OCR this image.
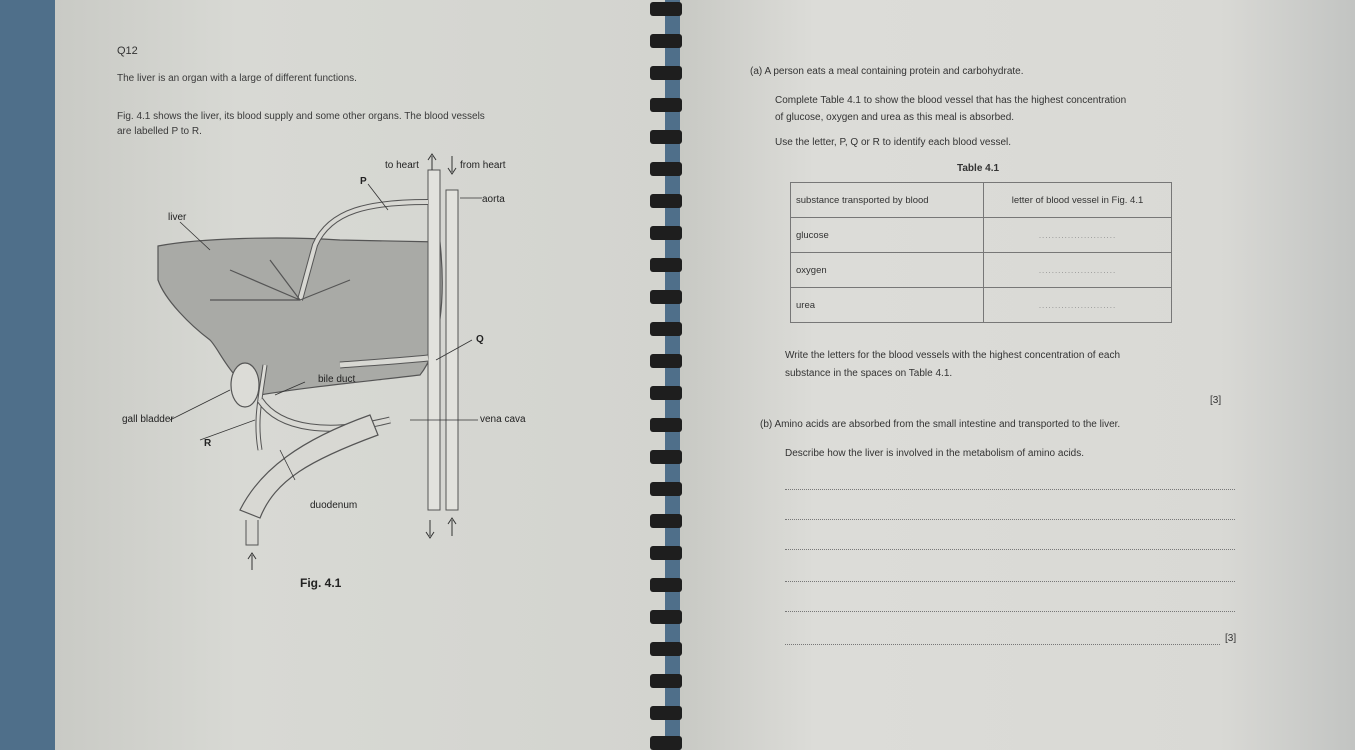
Q12
The liver is an organ with a large of different functions.
Fig. 4.1 shows the liver, its blood supply and some other organs. The blood vessels
are labelled P to R.
to heart	from heart
P
aorta
liver
Q
bile duct
gall bladder	vena cava
R
duodenum
Fig. 4.1
(a) A person eats a meal containing protein and carbohydrate.
Complete Table 4.1 to show the blood vessel that has the highest concentration
of glucose, oxygen and urea as this meal is absorbed.
Use the letter, P, Q or R to identify each blood vessel.
Table 4.1
substance transported by blood	letter of blood vessel in Fig. 4.1
glucose	........................

oxygen	........................

urea	........................
Write the letters for the blood vessels with the highest concentration of each
substance in the spaces on Table 4.1.
[3]
(b) Amino acids are absorbed from the small intestine and transported to the liver.
Describe how the liver is involved in the metabolism of amino acids.
[3]
